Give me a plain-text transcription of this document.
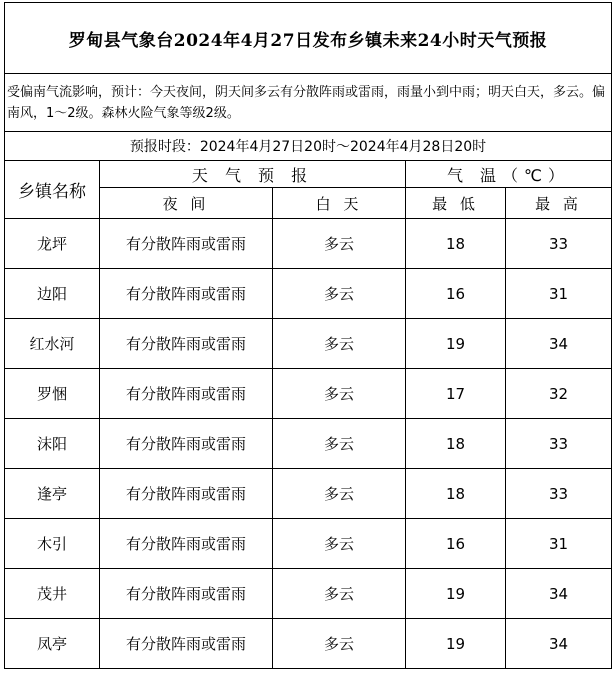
罗甸县气象台2024年4月27日发布乡镇未来24小时天气预报				
受偏南气流影响，预计：今天夜间，阴天间多云有分散阵雨或雷雨，雨量小到中雨；明天白天，多云。偏南风，1～2级。森林火险气象等级2级。				
预报时段：2024年4月27日20时～2024年4月28日20时				
乡镇名称	天 气 预 报		气 温（℃）	
	夜 间	白 天	最 低	最 高
龙坪	有分散阵雨或雷雨	多云	18	33
边阳	有分散阵雨或雷雨	多云	16	31
红水河	有分散阵雨或雷雨	多云	19	34
罗悃	有分散阵雨或雷雨	多云	17	32
沫阳	有分散阵雨或雷雨	多云	18	33
逢亭	有分散阵雨或雷雨	多云	18	33
木引	有分散阵雨或雷雨	多云	16	31
茂井	有分散阵雨或雷雨	多云	19	34
凤亭	有分散阵雨或雷雨	多云	19	34
